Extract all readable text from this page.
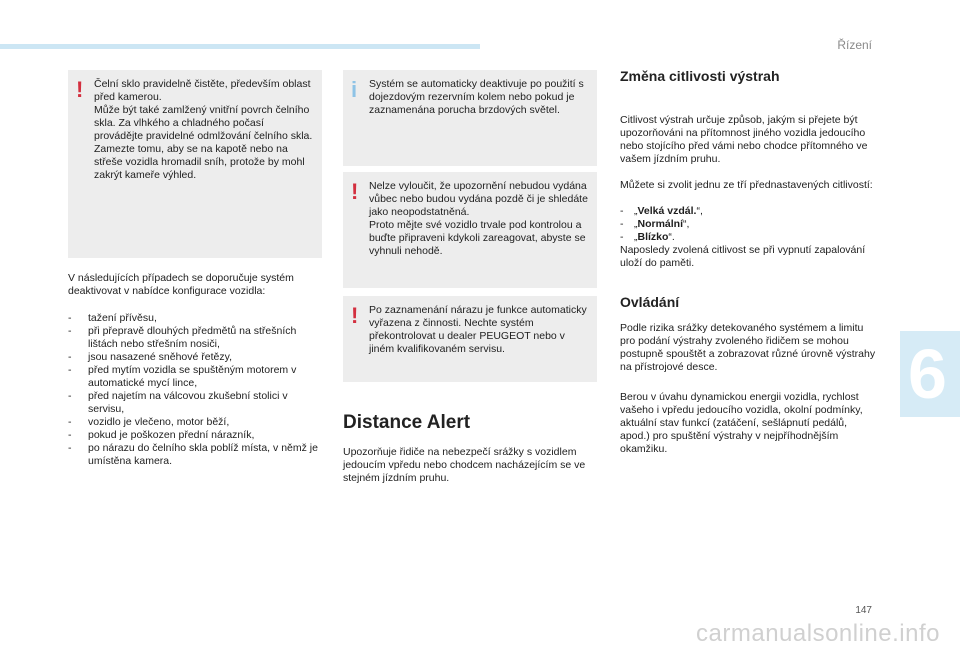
Řízení
6
! Čelní sklo pravidelně čistěte, především oblast před kamerou.
Může být také zamlžený vnitřní povrch čelního skla. Za vlhkého a chladného počasí provádějte pravidelné odmlžování čelního skla.
Zamezte tomu, aby se na kapotě nebo na střeše vozidla hromadil sníh, protože by mohl zakrýt kameře výhled.
V následujících případech se doporučuje systém deaktivovat v nabídce konfigurace vozidla:
- tažení přívěsu,
- při přepravě dlouhých předmětů na střešních lištách nebo střešním nosiči,
- jsou nasazené sněhové řetězy,
- před mytím vozidla se spuštěným motorem v automatické mycí lince,
- před najetím na válcovou zkušební stolici v servisu,
- vozidlo je vlečeno, motor běží,
- pokud je poškozen přední nárazník,
- po nárazu do čelního skla poblíž místa, v němž je umístěna kamera.
i Systém se automaticky deaktivuje po použití s dojezdovým rezervním kolem nebo pokud je zaznamenána porucha brzdových světel.
! Nelze vyloučit, že upozornění nebudou vydána vůbec nebo budou vydána pozdě či je shledáte jako neopodstatněná.
Proto mějte své vozidlo trvale pod kontrolou a buďte připraveni kdykoli zareagovat, abyste se vyhnuli nehodě.
! Po zaznamenání nárazu je funkce automaticky vyřazena z činnosti. Nechte systém překontrolovat u dealer PEUGEOT nebo v jiném kvalifikovaném servisu.
Distance Alert
Upozorňuje řidiče na nebezpečí srážky s vozidlem jedoucím vpředu nebo chodcem nacházejícím se ve stejném jízdním pruhu.
Změna citlivosti výstrah
Citlivost výstrah určuje způsob, jakým si přejete být upozorňováni na přítomnost jiného vozidla jedoucího nebo stojícího před vámi nebo chodce přítomného ve vašem jízdním pruhu.
Můžete si zvolit jednu ze tří přednastavených citlivostí:
- „Velká vzdál.“,
- „Normální“,
- „Blízko“.
Naposledy zvolená citlivost se při vypnutí zapalování uloží do paměti.
Ovládání
Podle rizika srážky detekovaného systémem a limitu pro podání výstrahy zvoleného řidičem se mohou postupně spouštět a zobrazovat různé úrovně výstrahy na přístrojové desce.
Berou v úvahu dynamickou energii vozidla, rychlost vašeho i vpředu jedoucího vozidla, okolní podmínky, aktuální stav funkcí (zatáčení, sešlápnutí pedálů, apod.) pro spuštění výstrahy v nejpříhodnějším okamžiku.
147
carmanualsonline.info
